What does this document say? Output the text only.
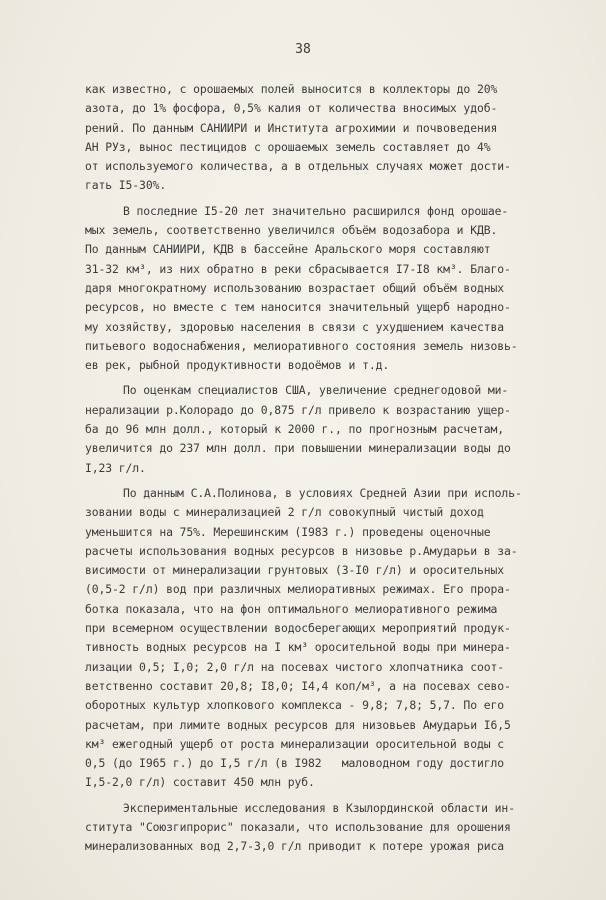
38
как известно, с орошаемых полей выносится в коллекторы до 20%
азота, до 1% фосфора, 0,5% калия от количества вносимых удоб-
рений. По данным САНИИРИ и Института агрохимии и почвоведения
АН РУз, вынос пестицидов с орошаемых земель составляет до 4%
от используемого количества, а в отдельных случаях может дости-
гать I5-30%.
В последние I5-20 лет значительно расширился фонд орошае-
мых земель, соответственно увеличился объём водозабора и КДВ.
По данным САНИИРИ, КДВ в бассейне Аральского моря составляют
31-32 км³, из них обратно в реки сбрасывается I7-I8 км³. Благо-
даря многократному использованию возрастает общий объём водных
ресурсов, но вместе с тем наносится значительный ущерб народно-
му хозяйству, здоровью населения в связи с ухудшением качества
питьевого водоснабжения, мелиоративного состояния земель низовь-
ев рек, рыбной продуктивности водоёмов и т.д.
По оценкам специалистов США, увеличение среднегодовой ми-
нерализации р.Колорадо до 0,875 г/л привело к возрастанию ущер-
ба до 96 млн долл., который к 2000 г., по прогнозным расчетам,
увеличится до 237 млн долл. при повышении минерализации воды до
I,23 г/л.
По данным С.А.Полинова, в условиях Средней Азии при исполь-
зовании воды с минерализацией 2 г/л совокупный чистый доход
уменьшится на 75%. Мерешинским (I983 г.) проведены оценочные
расчеты использования водных ресурсов в низовье р.Амударьи в за-
висимости от минерализации грунтовых (3-I0 г/л) и оросительных
(0,5-2 г/л) вод при различных мелиоративных режимах. Его прора-
ботка показала, что на фон оптимального мелиоративного режима
при всемерном осуществлении водосберегающих мероприятий продук-
тивность водных ресурсов на I км³ оросительной воды при минера-
лизации 0,5; I,0; 2,0 г/л на посевах чистого хлопчатника соот-
ветственно составит 20,8; I8,0; I4,4 коп/м³, а на посевах сево-
оборотных культур хлопкового комплекса - 9,8; 7,8; 5,7. По его
расчетам, при лимите водных ресурсов для низовьев Амударьи I6,5
км³ ежегодный ущерб от роста минерализации оросительной воды с
0,5 (до I965 г.) до I,5 г/л (в I982   маловодном году достигло
I,5-2,0 г/л) составит 450 млн руб.
Экспериментальные исследования в Кзылординской области ин-
ститута "Союзгипрорис" показали, что использование для орошения
минерализованных вод 2,7-3,0 г/л приводит к потере урожая риса
